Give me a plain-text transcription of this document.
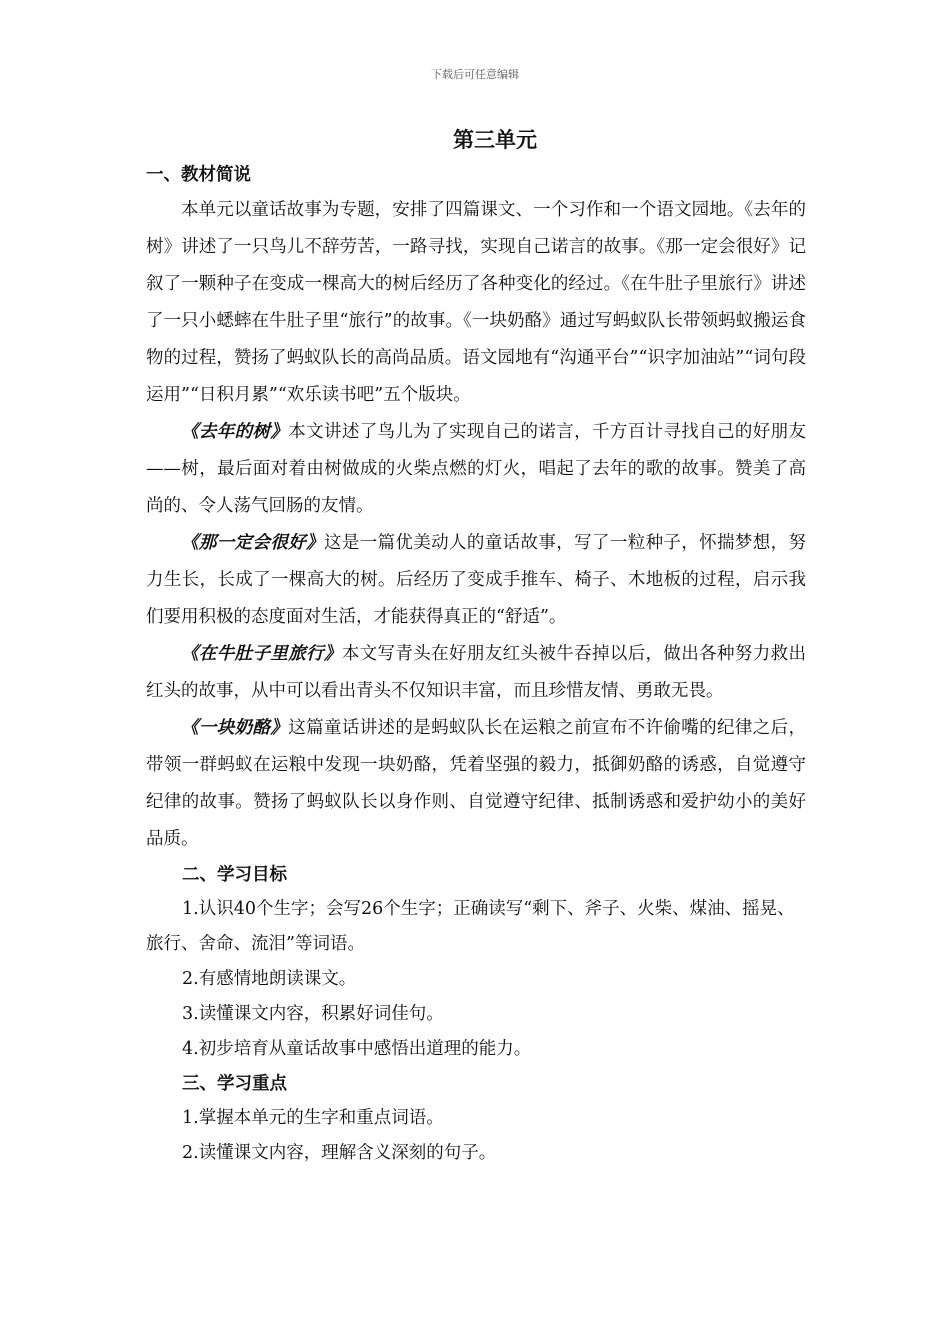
下载后可任意编辑
第三单元
一、教材简说

本单元以童话故事为专题，安排了四篇课文、一个习作和一个语文园地。《去年的树》讲述了一只鸟儿不辞劳苦，一路寻找，实现自己诺言的故事。《那一定会很好》记叙了一颗种子在变成一棵高大的树后经历了各种变化的经过。《在牛肚子里旅行》讲述了一只小蟋蟀在牛肚子里“旅行”的故事。《一块奶酪》通过写蚂蚁队长带领蚂蚁搬运食物的过程，赞扬了蚂蚁队长的高尚品质。语文园地有“沟通平台”“识字加油站”“词句段运用”“日积月累”“欢乐读书吧”五个版块。

《去年的树》本文讲述了鸟儿为了实现自己的诺言，千方百计寻找自己的好朋友——树，最后面对着由树做成的火柴点燃的灯火，唱起了去年的歌的故事。赞美了高尚的、令人荡气回肠的友情。

《那一定会很好》这是一篇优美动人的童话故事，写了一粒种子，怀揣梦想，努力生长，长成了一棵高大的树。后经历了变成手推车、椅子、木地板的过程，启示我们要用积极的态度面对生活，才能获得真正的“舒适”。

《在牛肚子里旅行》本文写青头在好朋友红头被牛吞掉以后，做出各种努力救出红头的故事，从中可以看出青头不仅知识丰富，而且珍惜友情、勇敢无畏。

《一块奶酪》这篇童话讲述的是蚂蚁队长在运粮之前宣布不许偷嘴的纪律之后，带领一群蚂蚁在运粮中发现一块奶酪，凭着坚强的毅力，抵御奶酪的诱惑，自觉遵守纪律的故事。赞扬了蚂蚁队长以身作则、自觉遵守纪律、抵制诱惑和爱护幼小的美好品质。

二、学习目标

1.认识40个生字；会写26个生字；正确读写“剩下、斧子、火柴、煤油、摇晃、旅行、舍命、流泪”等词语。

2.有感情地朗读课文。

3.读懂课文内容，积累好词佳句。

4.初步培育从童话故事中感悟出道理的能力。

三、学习重点

1.掌握本单元的生字和重点词语。

2.读懂课文内容，理解含义深刻的句子。
